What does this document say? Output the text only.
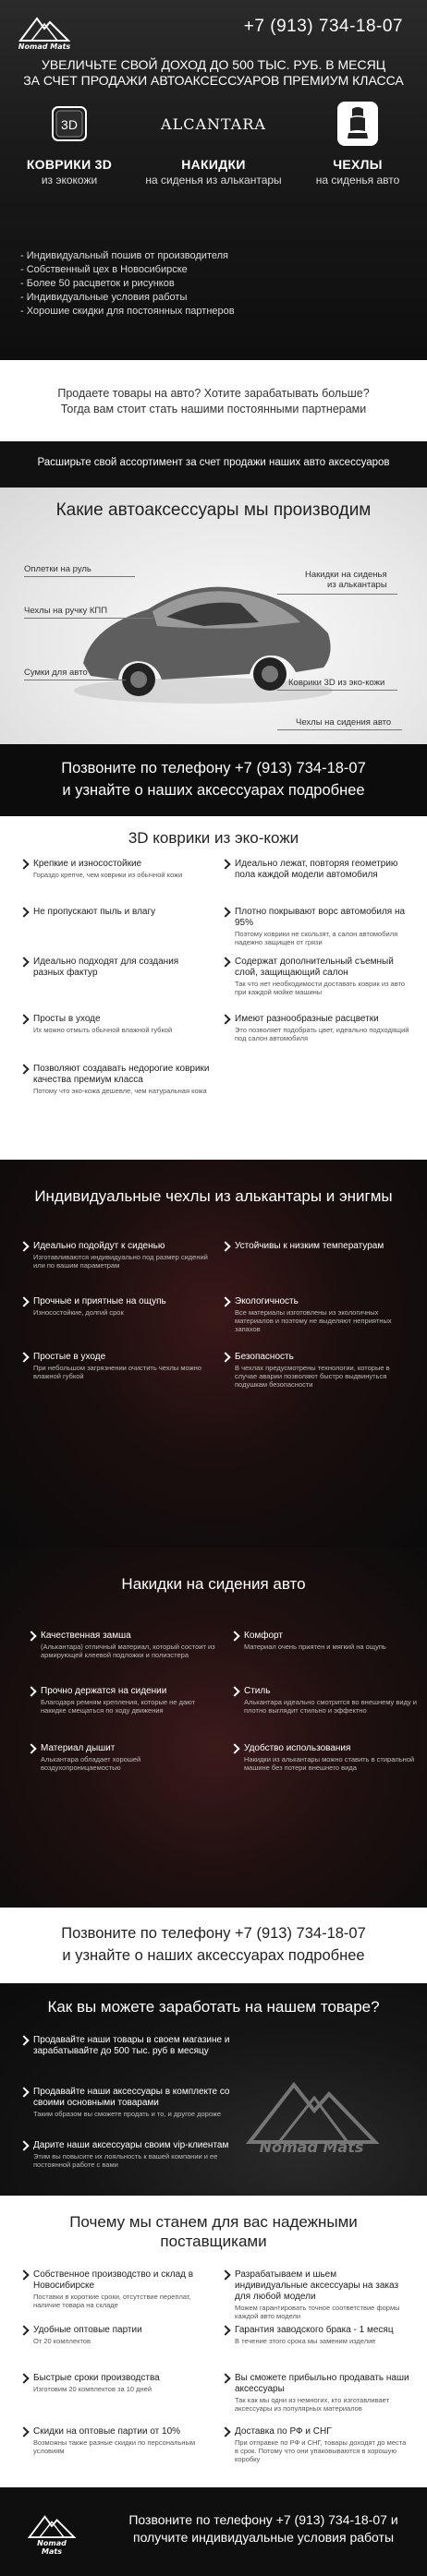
Nomad Mats
+7 (913) 734-18-07
УВЕЛИЧЬТЕ СВОЙ ДОХОД ДО 500 ТЫС. РУБ. В МЕСЯЦ
ЗА СЧЕТ ПРОДАЖИ АВТОАКСЕССУАРОВ ПРЕМИУМ КЛАССА
3D
КОВРИКИ 3D
из экокожи
ALCANTARA
НАКИДКИ
на сиденья из алькантары
ЧЕХЛЫ
на сиденья авто
- Индивидуальный пошив от производителя
- Собственный цех в Новосибирске
- Более 50 расцветок и рисунков
- Индивидуальные условия работы
- Хорошие скидки для постоянных партнеров

Продаете товары на авто? Хотите зарабатывать больше?
Тогда вам стоит стать нашими постоянными партнерами

Расширьте свой ассортимент за счет продажи наших авто аксессуаров

Какие автоаксессуары мы производим
Оплетки на руль
Чехлы на ручку КПП
Сумки для авто
Накидки на сиденья
из алькантары
Коврики 3D из эко-кожи
Чехлы на сидения авто

Позвоните по телефону +7 (913) 734-18-07

и узнайте о наших аксессуарах подробнее

3D коврики из эко-кожи
Крепкие и износостойкие
Гораздо крепче, чем коврики из обычной кожи
Идеально лежат, повторяя геометрию пола каждой модели автомобиля
Не пропускают пыль и влагу	Плотно покрывают ворс автомобиля на 95%
Поэтому коврики не скользят, а салон автомобиля надежно защищен от грязи
Идеально подходят для создания разных фактур
Содержат дополнительный съемный слой, защищающий салон
Так что нет необходимости доставать коврик из авто при каждой мойке машины
Просты в уходе
Их можно отмыть обычной влажной губкой
Имеют разнообразные расцветки
Это позволяет подобрать цвет, идеально подходящий под салон автомобиля
Позволяют создавать недорогие коврики качества премиум класса
Потому что эко-кожа дешевле, чем натуральная кожа
Индивидуальные чехлы из алькантары и энигмы
Идеально подойдут к сиденью
Изготавливаются индивидуально под размер сидений или по вашим параметрам
Устойчивы к низким температурам
Прочные и приятные на ощупь
Износостойкие, долгий срок
Экологичность
Все материалы изготовлены из экологичных материалов и поэтому не выделяют неприятных запахов
Простые в уходе
При небольшом загрязнении очистить чехлы можно влажной губкой
Безопасность
В чехлах предусмотрены технологии, которые в случае аварии позволяют быстро выдвинуться подушкам безопасности
Накидки на сидения авто
Качественная замша
(Алькантара) отличный материал, который состоит из армирующей клеевой подложки и полиэстера
Комфорт
Материал очень приятен и мягкий на ощупь
Прочно держатся на сидении
Благодаря ремням крепления, которые не дают накидке смещаться по ходу движения
Стиль
Алькантара идеально смотрится во внешнему виду и плотно выглядит стильно и эффектно
Материал дышит
Алькантара обладает хорошей воздухопроницаемостью
Удобство использования
Накидки из алькантары можно ставить в стиральной машине без потери внешнего вида

Позвоните по телефону +7 (913) 734-18-07

и узнайте о наших аксессуарах подробнее

Как вы можете заработать на нашем товаре?
Продавайте наши товары в своем магазине и зарабатывайте до 500 тыс. руб в месяцу
Продавайте наши аксессуары в комплекте со своими основными товарами
Таким образом вы сможете продать и то, и другое дороже
Дарите наши аксессуары своим vip-клиентам
Этим вы повысите их лояльность к вашей компании и ее постоянной работе с вами
Nomad Mats
Почему мы станем для вас надежными
поставщиками
Собственное производство и склад в Новосибирске
Поставки в короткие сроки, отсутствие переплат, наличие товара на складе
Разрабатываем и шьем индивидуальные аксессуары на заказ для любой модели
Можем гарантировать точное соответствие формы каждой авто модели
Удобные оптовые партии
От 20 комплектов
Гарантия заводского брака - 1 месяц
В течение этого срока мы заменим изделие
Быстрые сроки производства
Изготовим 20 комплектов за 10 дней
Вы сможете прибыльно продавать наши аксессуары
Так как мы одни из немногих, кто изготавливает аксессуары из популярных материалов
Скидки на оптовые партии от 10%
Возможны также разные скидки по персональным условиям
Доставка по РФ и СНГ
При отправке по РФ и СНГ, товары доходят до места в срок. Потому что они упаковываются в хорошую коробку
Nomad Mats

Позвоните по телефону +7 (913) 734-18-07 и
получите индивидуальные условия работы
